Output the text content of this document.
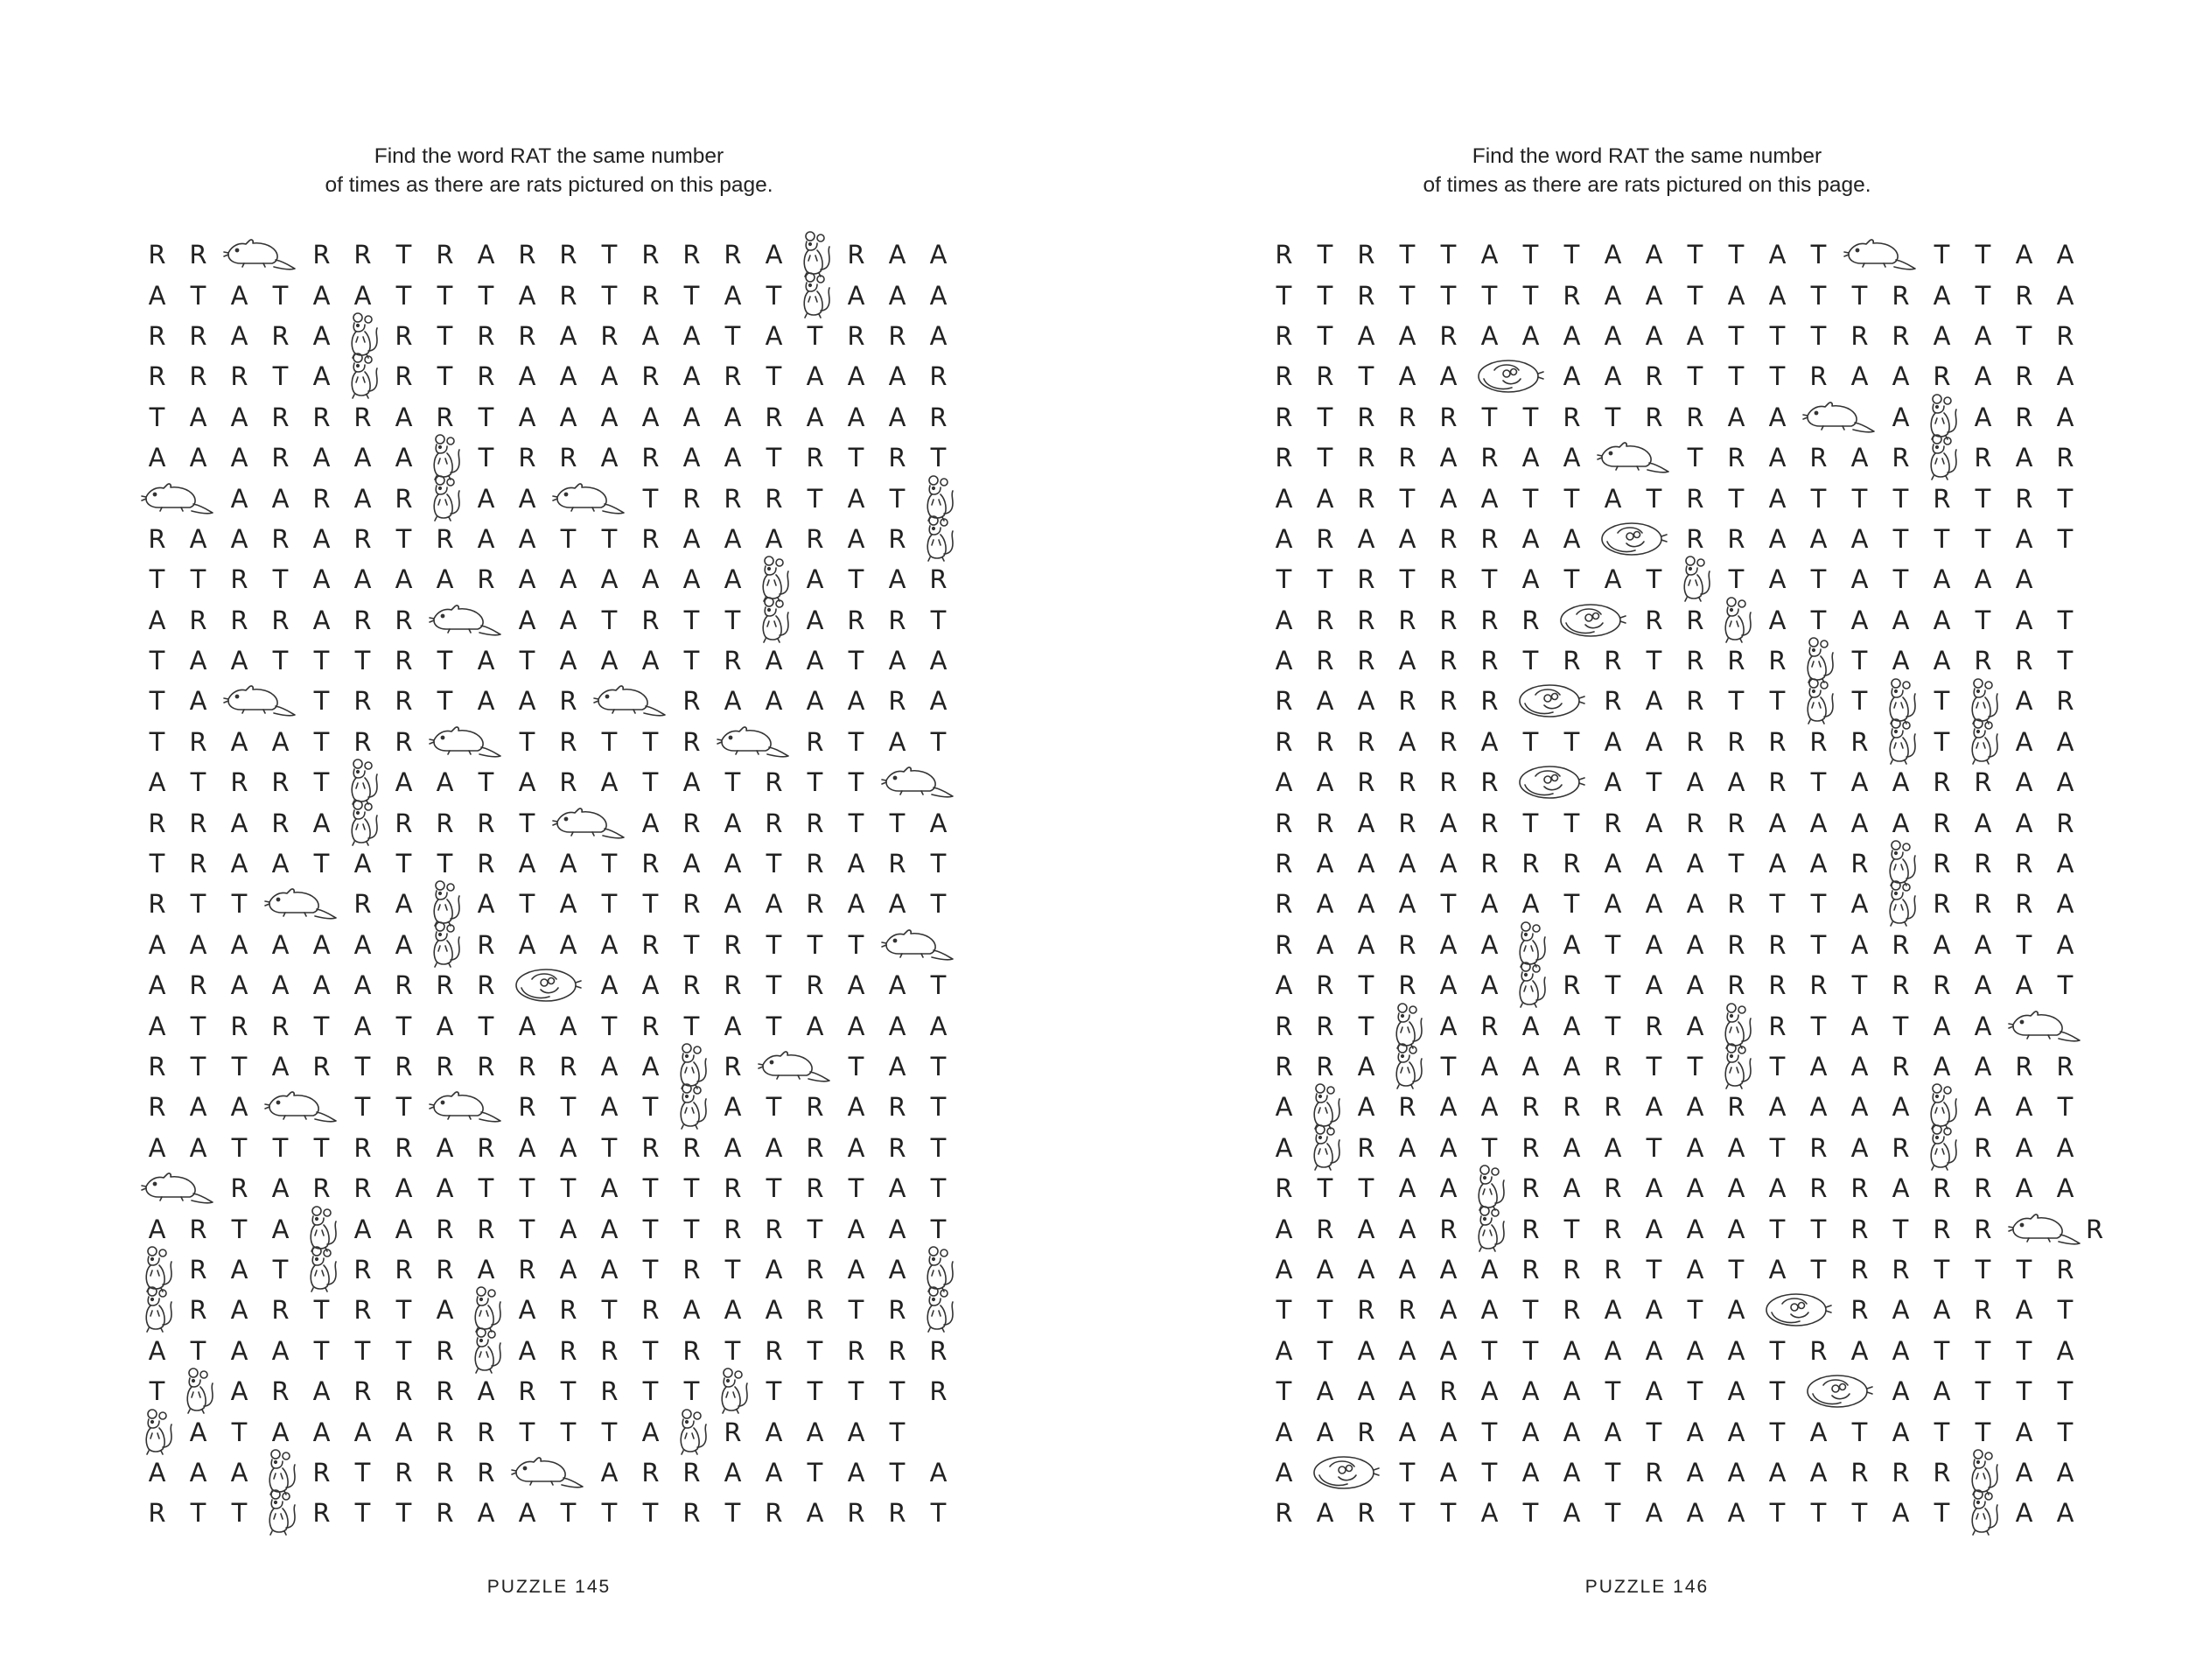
Find the word RAT the same number
of times as there are rats pictured on this page.
R R	R R T R A R R T R R R A	R A A
A T A T A A T	T	T A R T R T A T	A A A
R R A R A	R T R R A R A A T A T R R A
R R R T A	R T R A A A R A R T A A A R
T A A R R R A R T A A A A A A R A A A R
A A A R A A A	T R R A R A A T R T R T
A A R A R	A A	T R R R T A T
R A A R A R T R A A T	T R A A A R A R
T	T R T A A A A R A A A A A A	A T A R
A R R R A R R	A A T R T	T	A R R T
T A A T	T	T R T A T A A A T R A A T A A
T A	T R R T A A R	R A A A A R A
T R A A T R R	T R T	T R	R T A T
A T R R T	A A T A R A T A T R T	T
R R A R A	R R R T	A R A R R T	T A
T R A A T A T	T R A A T R A A T R A R T
R T	T	R A	A T A T	T R A A R A A T
A A A A A A A	R A A A R T R T	T	T
A R A A A A R R R	A A R R T R A A T
A T R R T A T A T A A T R T A T A A A A
R T	T A R T R R R R R A A	R	T A T
R A A	T	T	R T A T	A T R A R T
A A T	T	T R R A R A A T R R A A R A R T
R A R R A A T	T	T A T	T R T R T A T
A R T A	A A R R T A A T	T R R T A A T
R A T	R R R A R A A T R T A R A A
R A R T R T A	A R T R A A A R T R
A T A A T	T	T R	A R R T R T R T R R R
T	A R A R R R A R T R T	T	T	T	T	T R
A T A A A A R R T	T	T A	R A A A T
A A A	R T R R R	A R R A A T A T A
R T	T	R T	T R A A T	T	T R T R A R R T
PUZZLE 145
Find the word RAT the same number
of times as there are rats pictured on this page.
R T R T	T A T	T A A T	T A T	T	T A A
T	T R T	T	T	T R A A T A A T	T R A T R A
R T A A R A A A A A A T	T	T R R A A T R
R R T A A	A A R T	T	T R A A R A R A
R T R R R T	T R T R R A A	A	A R A
R T R R A R A A	T R A R A R	R A R
A A R T A A T	T A T R T A T	T	T R T R T
A R A A R R A A	R R A A A T	T	T A T
T	T R T R T A T A T	T A T A T A A A
A R R R R R R	R R	A T A A A T A T
A R R A R R T R R T R R R	T A A R R T
R A A R R R	R A R T	T	T	T	A R
R R R A R A T	T A A R R R R R	T	A A
A A R R R R	A T A A R T A A R R A A
R R A R A R T	T R A R R A A A A R A A R
R A A A A R R R A A A T A A R	R R R A
R A A A T A A T A A A R T	T A	R R R A
R A A R A A	A T A A R R T A R A A T A
A R T R A A	R T A A R R R T R R A A T
R R T	A R A A T R A	R T A T A A
R R A	T A A A R T	T	T A A R A A R R
A	A R A A R R R A A R A A A A	A A T
A	R A A T R A A T A A T R A R	R A A
R T	T A A	R A R A A A A R R A R R A A
A R A A R	R T R A A A T	T R T R R	R
A A A A A A R R R T A T A T R R T	T	T R
T	T R R A A T R A A T A	R A A R A T
A T A A A T	T A A A A A T R A A T	T	T A
T A A A R A A A T A T A T	A A T	T	T
A A R A A T A A A T A A T A T A T	T A T
A	T A T A A T R A A A A R R R	A A
R A R T	T A T A T A A A T	T	T A T	A A
PUZZLE 146
